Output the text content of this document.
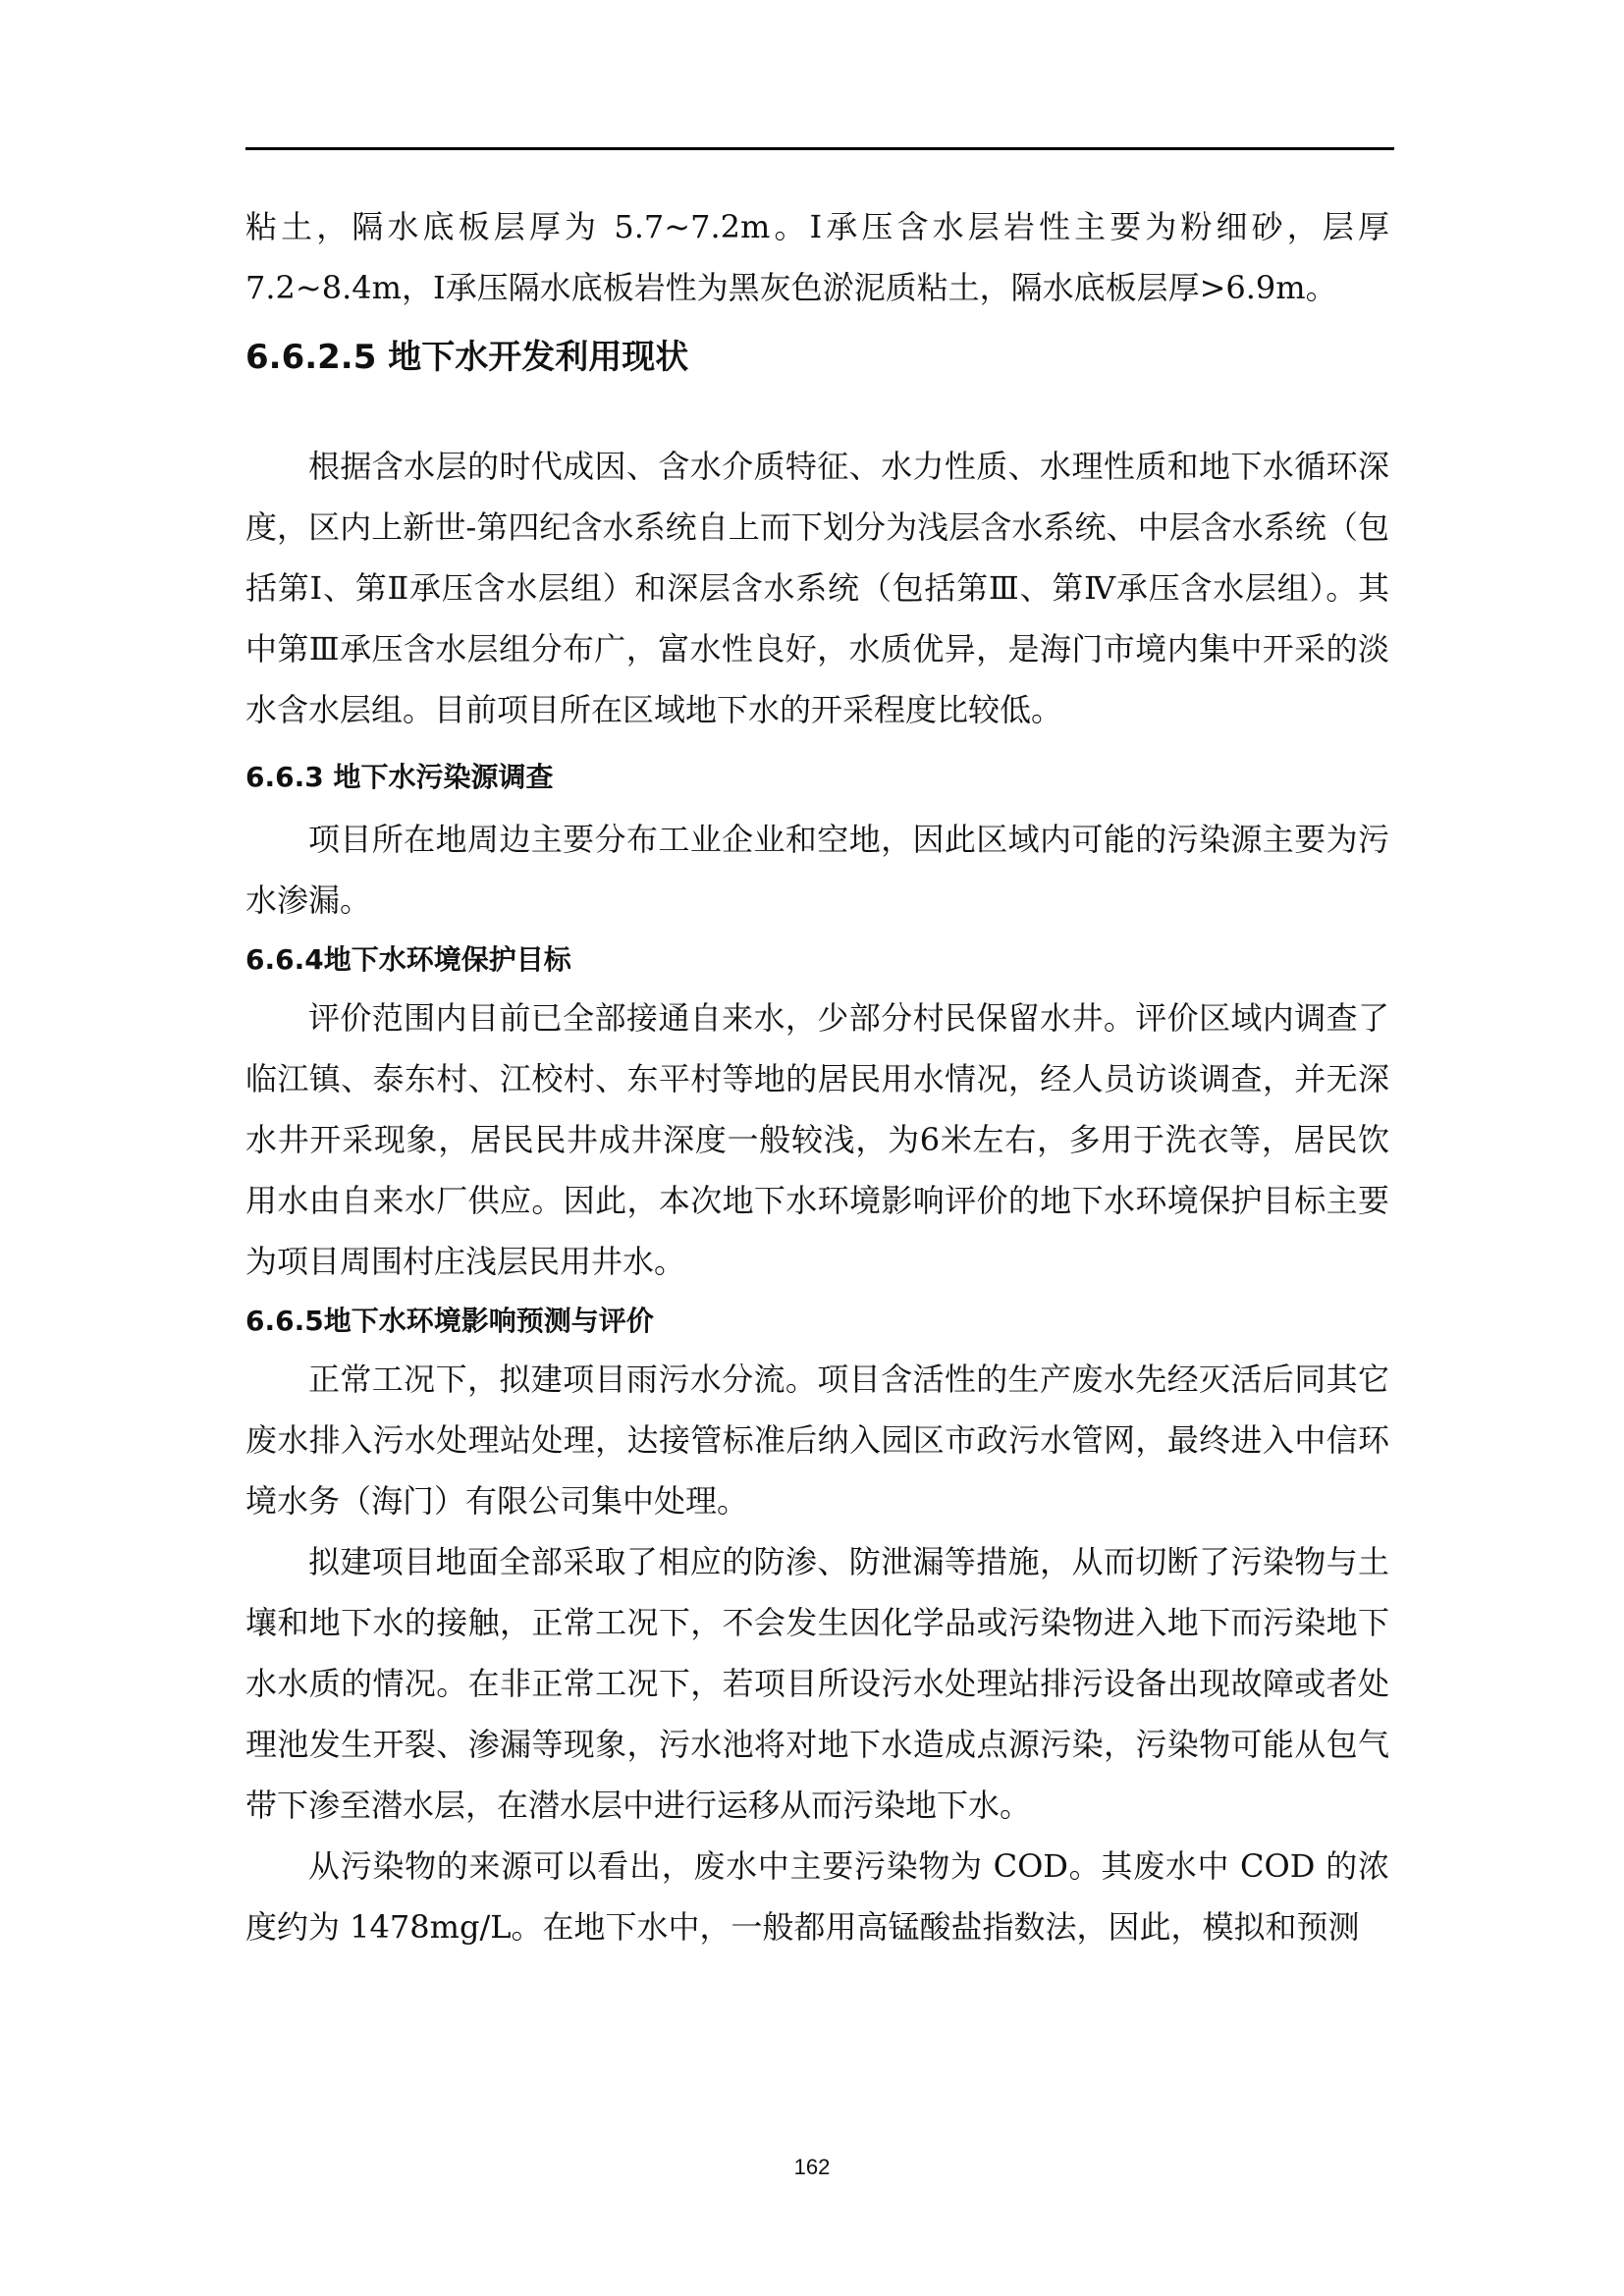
粘土，隔水底板层厚为 5.7~7.2m。Ⅰ承压含水层岩性主要为粉细砂，层厚 7.2~8.4m，Ⅰ承压隔水底板岩性为黑灰色淤泥质粘土，隔水底板层厚>6.9m。

6.6.2.5 地下水开发利用现状

根据含水层的时代成因、含水介质特征、水力性质、水理性质和地下水循环深度，区内上新世-第四纪含水系统自上而下划分为浅层含水系统、中层含水系统（包括第Ⅰ、第Ⅱ承压含水层组）和深层含水系统（包括第Ⅲ、第Ⅳ承压含水层组）。其中第Ⅲ承压含水层组分布广，富水性良好，水质优异，是海门市境内集中开采的淡水含水层组。目前项目所在区域地下水的开采程度比较低。

6.6.3 地下水污染源调查

项目所在地周边主要分布工业企业和空地，因此区域内可能的污染源主要为污水渗漏。

6.6.4地下水环境保护目标

评价范围内目前已全部接通自来水，少部分村民保留水井。评价区域内调查了临江镇、泰东村、江校村、东平村等地的居民用水情况，经人员访谈调查，并无深水井开采现象，居民民井成井深度一般较浅，为6米左右，多用于洗衣等，居民饮用水由自来水厂供应。因此，本次地下水环境影响评价的地下水环境保护目标主要为项目周围村庄浅层民用井水。

6.6.5地下水环境影响预测与评价

正常工况下，拟建项目雨污水分流。项目含活性的生产废水先经灭活后同其它废水排入污水处理站处理，达接管标准后纳入园区市政污水管网，最终进入中信环境水务（海门）有限公司集中处理。

拟建项目地面全部采取了相应的防渗、防泄漏等措施，从而切断了污染物与土壤和地下水的接触，正常工况下，不会发生因化学品或污染物进入地下而污染地下水水质的情况。在非正常工况下，若项目所设污水处理站排污设备出现故障或者处理池发生开裂、渗漏等现象，污水池将对地下水造成点源污染，污染物可能从包气带下渗至潜水层，在潜水层中进行运移从而污染地下水。

从污染物的来源可以看出，废水中主要污染物为 COD。其废水中 COD 的浓度约为 1478mg/L。在地下水中，一般都用高锰酸盐指数法，因此，模拟和预测

162
